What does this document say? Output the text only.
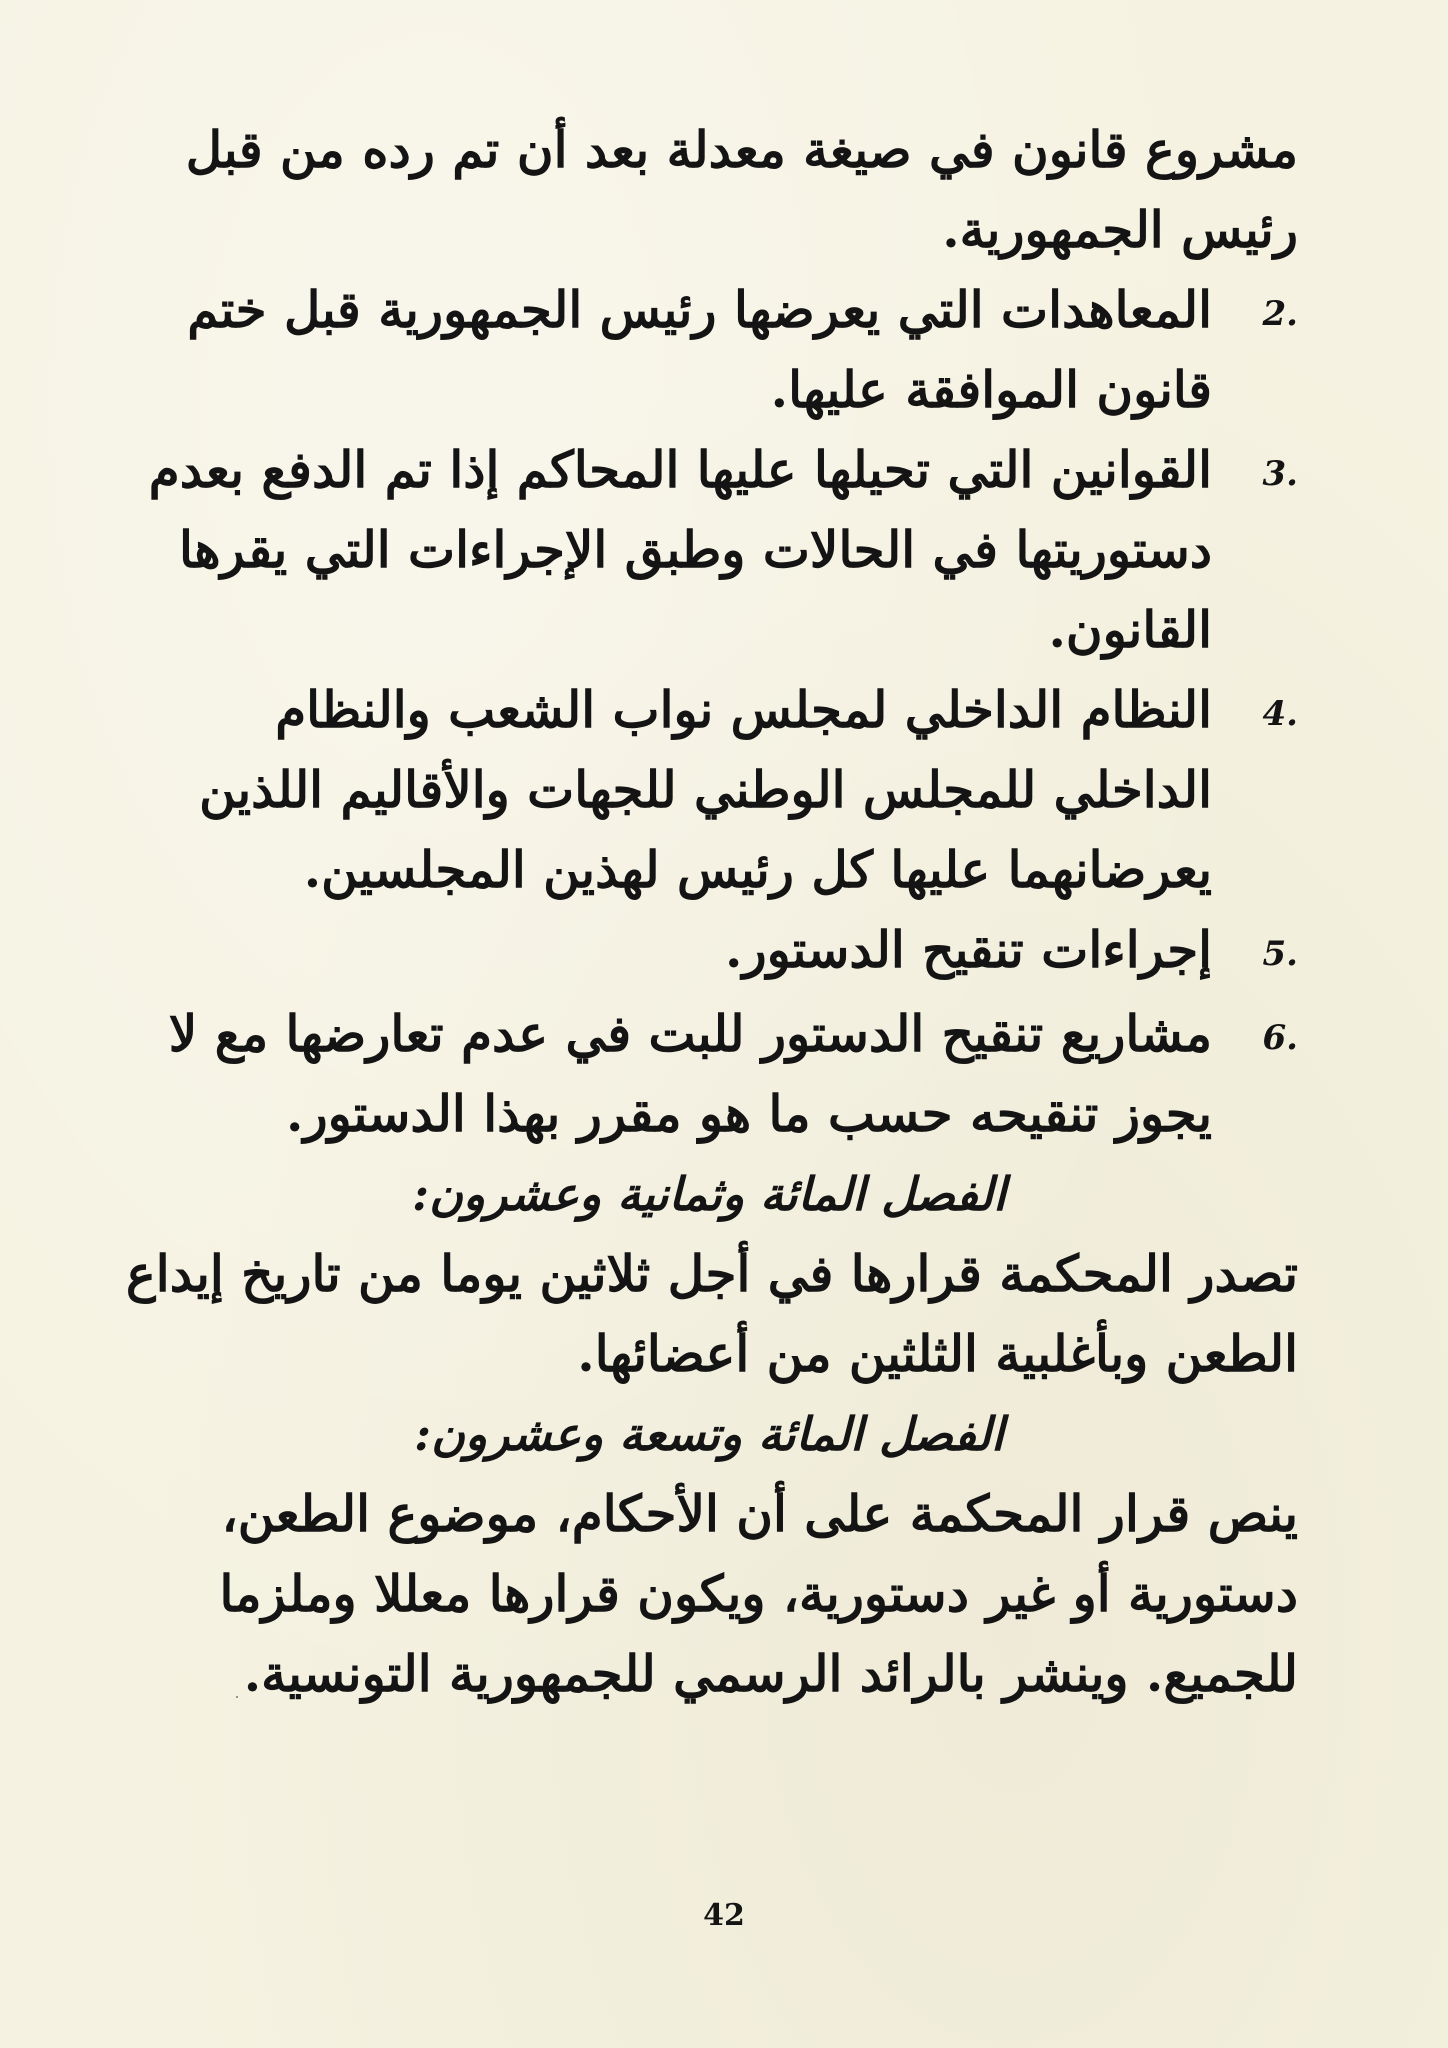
مشروع قانون في صيغة معدلة بعد أن تم رده من قبل رئيس الجمهورية.

2.
المعاهدات التي يعرضها رئيس الجمهورية قبل ختم قانون الموافقة عليها.
3.
القوانين التي تحيلها عليها المحاكم إذا تم الدفع بعدم دستوريتها في الحالات وطبق الإجراءات التي يقرها القانون.
4.
النظام الداخلي لمجلس نواب الشعب والنظام الداخلي للمجلس الوطني للجهات والأقاليم اللذين يعرضانهما عليها كل رئيس لهذين المجلسين.
5.
إجراءات تنقيح الدستور.
6.
مشاريع تنقيح الدستور للبت في عدم تعارضها مع لا يجوز تنقيحه حسب ما هو مقرر بهذا الدستور.

الفصل المائة وثمانية وعشرون:

تصدر المحكمة قرارها في أجل ثلاثين يوما من تاريخ إيداع الطعن وبأغلبية الثلثين من أعضائها.

الفصل المائة وتسعة وعشرون:

ينص قرار المحكمة على أن الأحكام، موضوع الطعن، دستورية أو غير دستورية، ويكون قرارها معللا وملزما للجميع. وينشر بالرائد الرسمي للجمهورية التونسية.

42
